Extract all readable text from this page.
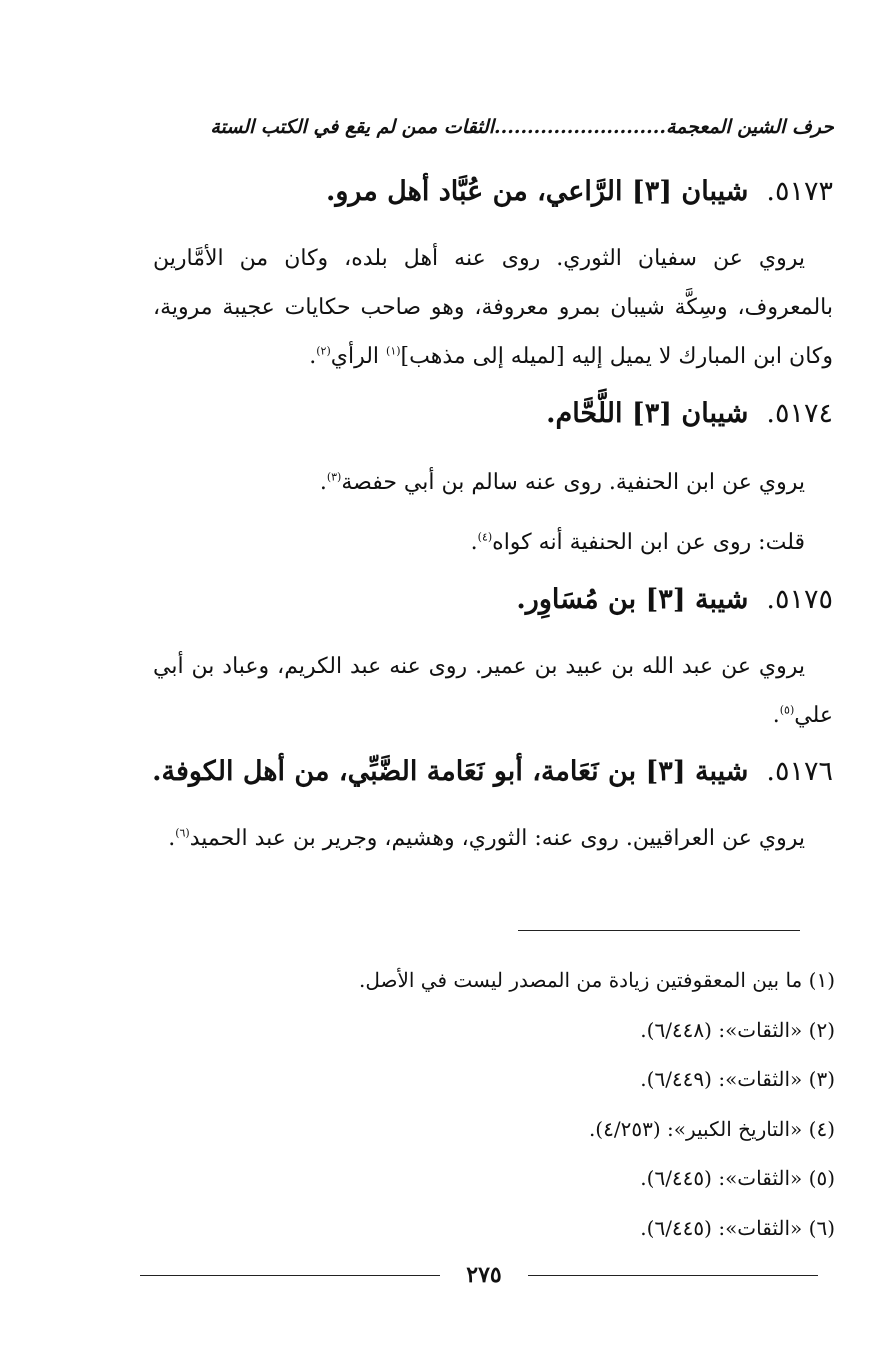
حرف الشين المعجمة..........................الثقات ممن لم يقع في الكتب الستة
٥١٧٣.شيبان [٣] الرَّاعي، من عُبَّاد أهل مرو.
يروي عن سفيان الثوري. روى عنه أهل بلده، وكان من الأمَّارين بالمعروف، وسِكَّة شيبان بمرو معروفة، وهو صاحب حكايات عجيبة مروية، وكان ابن المبارك لا يميل إليه [لميله إلى مذهب]$^{(١)}$ الرأي$^{(٢)}$.
٥١٧٤.شيبان [٣] اللَّحَّام.
يروي عن ابن الحنفية. روى عنه سالم بن أبي حفصة$^{(٣)}$.
قلت: روى عن ابن الحنفية أنه كواه$^{(٤)}$.
٥١٧٥.شيبة [٣] بن مُسَاوِر.
يروي عن عبد الله بن عبيد بن عمير. روى عنه عبد الكريم، وعباد بن أبي علي$^{(٥)}$.
٥١٧٦.شيبة [٣] بن نَعَامة، أبو نَعَامة الضَّبِّي، من أهل الكوفة.
يروي عن العراقيين. روى عنه: الثوري، وهشيم، وجرير بن عبد الحميد$^{(٦)}$.
(١) ما بين المعقوفتين زيادة من المصدر ليست في الأصل.
(٢) «الثقات»: (٦/٤٤٨).
(٣) «الثقات»: (٦/٤٤٩).
(٤) «التاريخ الكبير»: (٤/٢٥٣).
(٥) «الثقات»: (٦/٤٤٥).
(٦) «الثقات»: (٦/٤٤٥).
٢٧٥
